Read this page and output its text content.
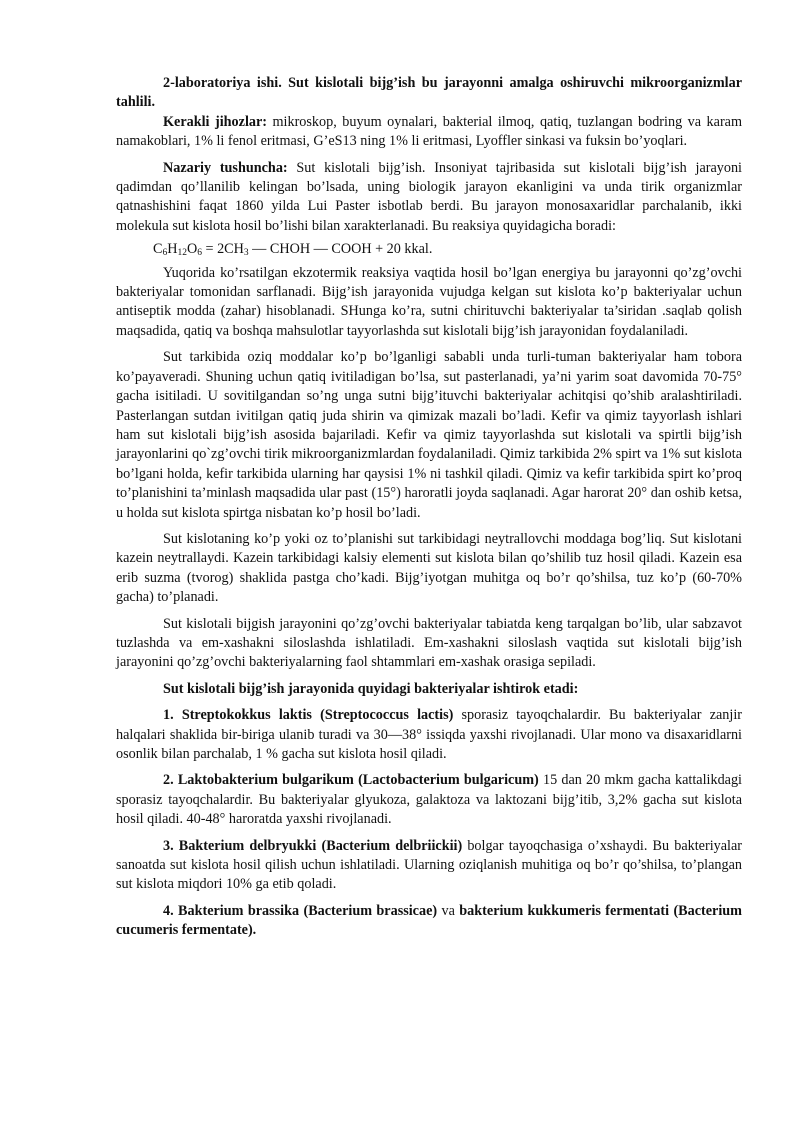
2-laboratoriya ishi. Sut kislotali bijg’ish bu jarayonni amalga oshiruvchi mikroorganizmlar tahlili.

Kerakli jihozlar: mikroskop, buyum oynalari, bakterial ilmoq, qatiq, tuzlangan bodring va karam namakoblari, 1% li fenol eritmasi, G’eS13 ning 1% li eritmasi, Lyoffler sinkasi va fuksin bo’yoqlari.

Nazariy tushuncha: Sut kislotali bijg’ish. Insoniyat tajribasida sut kislotali bijg’ish jarayoni qadimdan qo’llanilib kelingan bo’lsada, uning biologik jarayon ekanligini va unda tirik organizmlar qatnashishini faqat 1860 yilda Lui Paster isbotlab berdi. Bu jarayon monosaxaridlar parchalanib, ikki molekula sut kislota hosil bo’lishi bilan xarakterlanadi. Bu reaksiya quyidagicha boradi:

$C_6H_{12}O_6 = 2CH_3$ — CHOH — COOH + 20 kkal.

Yuqorida ko’rsatilgan ekzotermik reaksiya vaqtida hosil bo’lgan energiya bu jarayonni qo’zg’ovchi bakteriyalar tomonidan sarflanadi. Bijg’ish jarayonida vujudga kelgan sut kislota ko’p bakteriyalar uchun antiseptik modda (zahar) hisoblanadi. SHunga ko’ra, sutni chirituvchi bakteriyalar ta’siridan .saqlab qolish maqsadida, qatiq va boshqa mahsulotlar tayyorlashda sut kislotali bijg’ish jarayonidan foydalaniladi.

Sut tarkibida oziq moddalar ko’p bo’lganligi sababli unda turli-tuman bakteriyalar ham tobora ko’payaveradi. Shuning uchun qatiq ivitiladigan bo’lsa, sut pasterlanadi, ya’ni yarim soat davomida 70-75° gacha isitiladi. U sovitilgandan so’ng unga sutni bijg’ituvchi bakteriyalar achitqisi qo’shib aralashtiriladi. Pasterlangan sutdan ivitilgan qatiq juda shirin va qimizak mazali bo’ladi. Kefir va qimiz tayyorlash ishlari ham sut kislotali bijg’ish asosida bajariladi. Kefir va qimiz tayyorlashda sut kislotali va spirtli bijg’ish jarayonlarini qo`zg’ovchi tirik mikroorganizmlardan foydalaniladi. Qimiz tarkibida 2% spirt va 1% sut kislota bo’lgani holda, kefir tarkibida ularning har qaysisi 1% ni tashkil qiladi. Qimiz va kefir tarkibida spirt ko’proq to’planishini ta’minlash maqsadida ular past (15°) haroratli joyda saqlanadi. Agar harorat 20° dan oshib ketsa, u holda sut kislota spirtga nisbatan ko’p hosil bo’ladi.

Sut kislotaning ko’p yoki oz to’planishi sut tarkibidagi neytrallovchi moddaga bog’liq. Sut kislotani kazein neytrallaydi. Kazein tarkibidagi kalsiy elementi sut kislota bilan qo’shilib tuz hosil qiladi. Kazein esa erib suzma (tvorog) shaklida pastga cho’kadi. Bijg’iyotgan muhitga oq bo’r qo’shilsa, tuz ko’p (60-70% gacha) to’planadi.

Sut kislotali bijgish jarayonini qo’zg’ovchi bakteriyalar tabiatda keng tarqalgan bo’lib, ular sabzavot tuzlashda va em-xashakni siloslashda ishlatiladi. Em-xashakni siloslash vaqtida sut kislotali bijg’ish jarayonini qo’zg’ovchi bakteriyalarning faol shtammlari em-xashak orasiga sepiladi.

Sut kislotali bijg’ish jarayonida quyidagi bakteriyalar ishtirok etadi:

1. Streptokokkus laktis (Streptococcus lactis) sporasiz tayoqchalardir. Bu bakteriyalar zanjir halqalari shaklida bir-biriga ulanib turadi va 30—38° issiqda yaxshi rivojlanadi. Ular mono va disaxaridlarni osonlik bilan parchalab, 1 % gacha sut kislota hosil qiladi.

2. Laktobakterium bulgarikum (Lactobacterium bulgaricum) 15 dan 20 mkm gacha kattalikdagi sporasiz tayoqchalardir. Bu bakteriyalar glyukoza, galaktoza va laktozani bijg’itib, 3,2% gacha sut kislota hosil qiladi. 40-48° haroratda yaxshi rivojlanadi.

3. Bakterium delbryukki (Bacterium delbriickii) bolgar tayoqchasiga o’xshaydi. Bu bakteriyalar sanoatda sut kislota hosil qilish uchun ishlatiladi. Ularning oziqlanish muhitiga oq bo’r qo’shilsa, to’plangan sut kislota miqdori 10% ga etib qoladi.

4. Bakterium brassika (Bacterium brassicae) va bakterium kukkumeris fermentati (Bacterium cucumeris fermentate).
